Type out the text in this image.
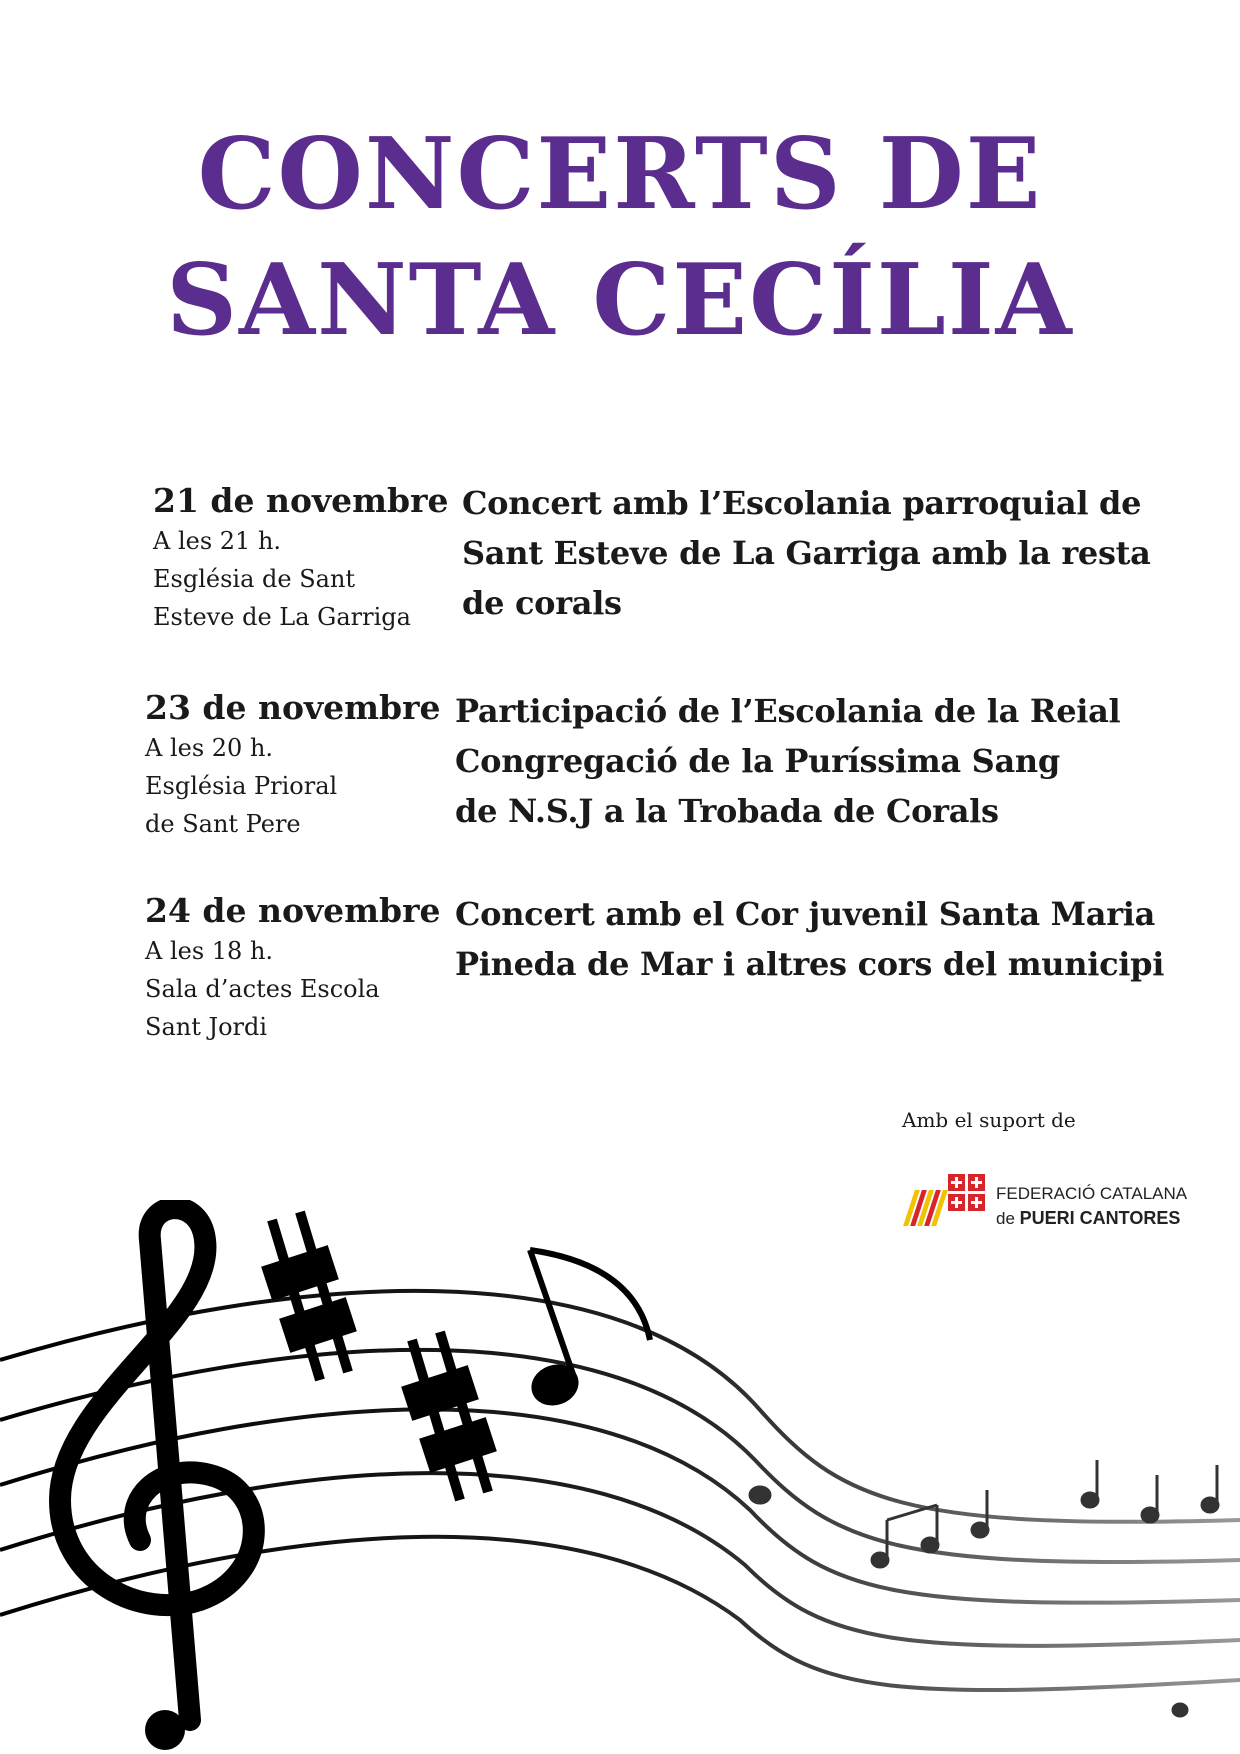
CONCERTS DE
SANTA CECÍLIA

21 de novembre

A les 21 h.

Església de Sant

Esteve de La Garriga

Concert amb l’Escolania parroquial de
Sant Esteve de La Garriga amb la resta
de corals

23 de novembre

A les 20 h.

Església Prioral

de Sant Pere

Participació de l’Escolania de la Reial
Congregació de la Puríssima Sang
de N.S.J a la Trobada de Corals

24 de novembre

A les 18 h.

Sala d’actes Escola

Sant Jordi

Concert amb el Cor juvenil Santa Maria
Pineda de Mar i altres cors del municipi
Amb el suport de
FEDERACIÓ CATALANA
de PUERI CANTORES
